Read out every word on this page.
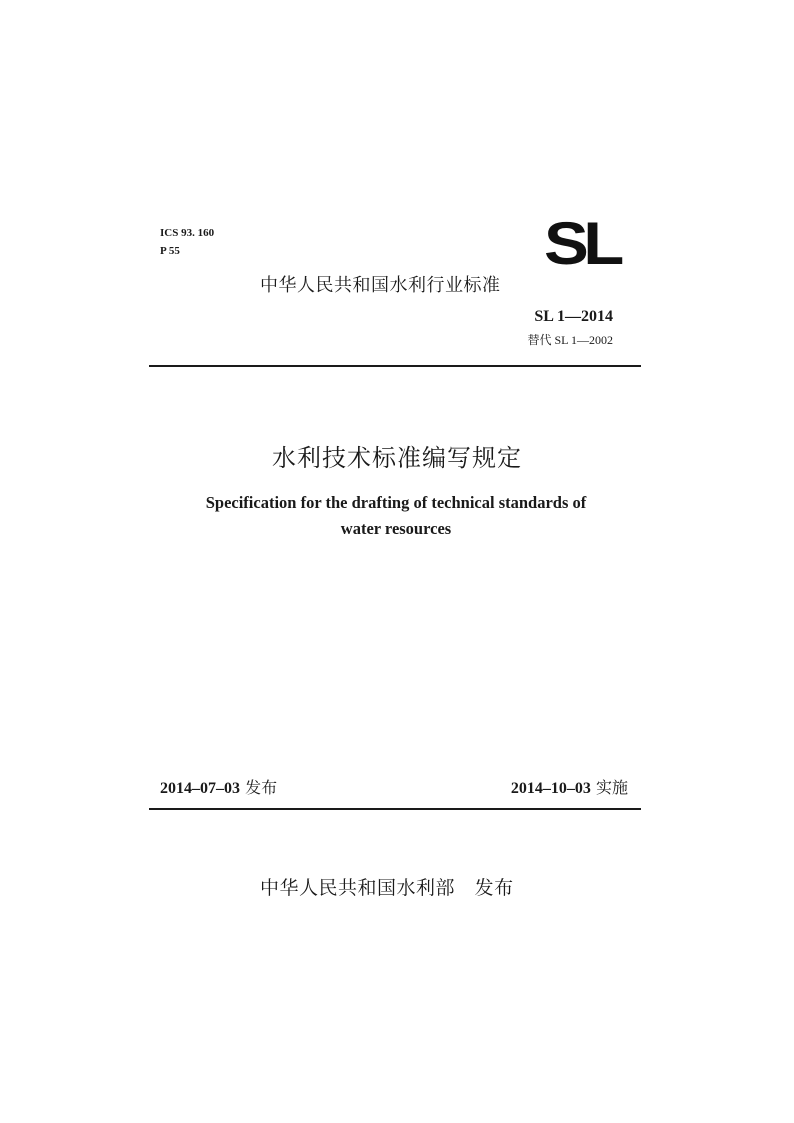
ICS 93. 160
P 55	SL
中华人民共和国水利行业标准
SL 1—2014
替代 SL 1—2002
水利技术标准编写规定
Specification for the drafting of technical standards of
water resources
2014–07–03 发布	2014–10–03 实施
中华人民共和国水利部 发布
